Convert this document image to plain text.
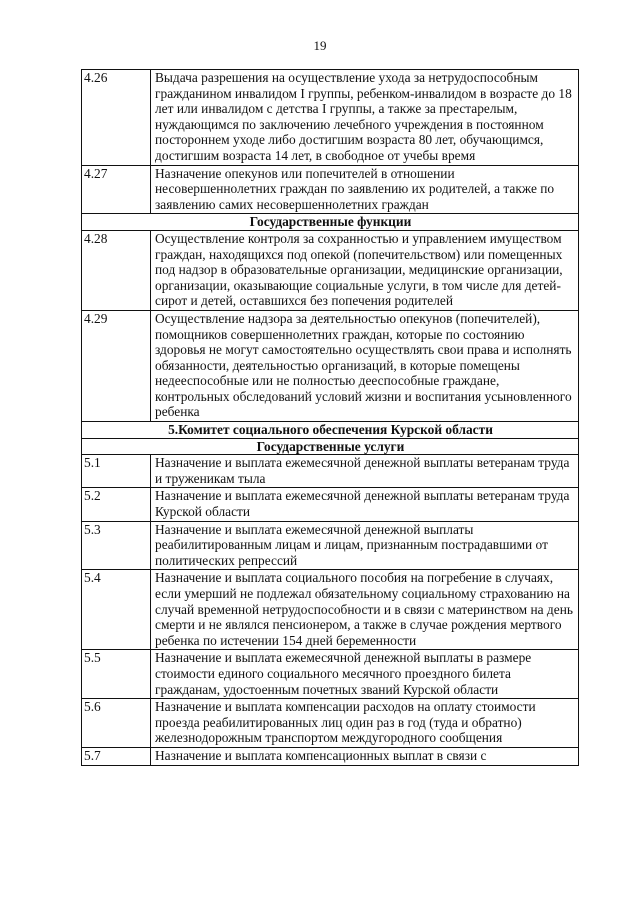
19
4.26	Выдача разрешения на осуществление ухода за нетрудоспособным гражданином инвалидом I группы, ребенком-инвалидом в возрасте до 18 лет или инвалидом с детства I группы, а также за престарелым, нуждающимся по заключению лечебного учреждения в постоянном постороннем уходе либо достигшим возраста 80 лет, обучающимся, достигшим возраста 14 лет, в свободное от учебы время
4.27	Назначение опекунов или попечителей в отношении несовершеннолетних граждан по заявлению их родителей, а также по заявлению самих несовершеннолетних граждан
Государственные функции	
4.28	Осуществление контроля за сохранностью и управлением имуществом граждан, находящихся под опекой (попечительством) или помещенных под надзор в образовательные организации, медицинские организации, организации, оказывающие социальные услуги, в том числе для детей-сирот и детей, оставшихся без попечения родителей
4.29	Осуществление надзора за деятельностью опекунов (попечителей), помощников совершеннолетних граждан, которые по состоянию здоровья не могут самостоятельно осуществлять свои права и исполнять обязанности, деятельностью организаций, в которые помещены недееспособные или не полностью дееспособные граждане, контрольных обследований условий жизни и воспитания усыновленного ребенка
5.Комитет социального обеспечения Курской области	
Государственные услуги	
5.1	Назначение и выплата ежемесячной денежной выплаты ветеранам труда и труженикам тыла
5.2	Назначение и выплата ежемесячной денежной выплаты ветеранам труда Курской области
5.3	Назначение и выплата ежемесячной денежной выплаты реабилитированным лицам и лицам, признанным пострадавшими от политических репрессий
5.4	Назначение и выплата социального пособия на погребение в случаях, если умерший не подлежал обязательному социальному страхованию на случай временной нетрудоспособности и в связи с материнством на день смерти и не являлся пенсионером, а также в случае рождения мертвого ребенка по истечении 154 дней беременности
5.5	Назначение и выплата ежемесячной денежной выплаты в размере стоимости единого социального месячного проездного билета гражданам, удостоенным почетных званий Курской области
5.6	Назначение и выплата компенсации расходов на оплату стоимости проезда реабилитированных лиц один раз в год (туда и обратно) железнодорожным транспортом междугородного сообщения
5.7	Назначение и выплата компенсационных выплат в связи с
